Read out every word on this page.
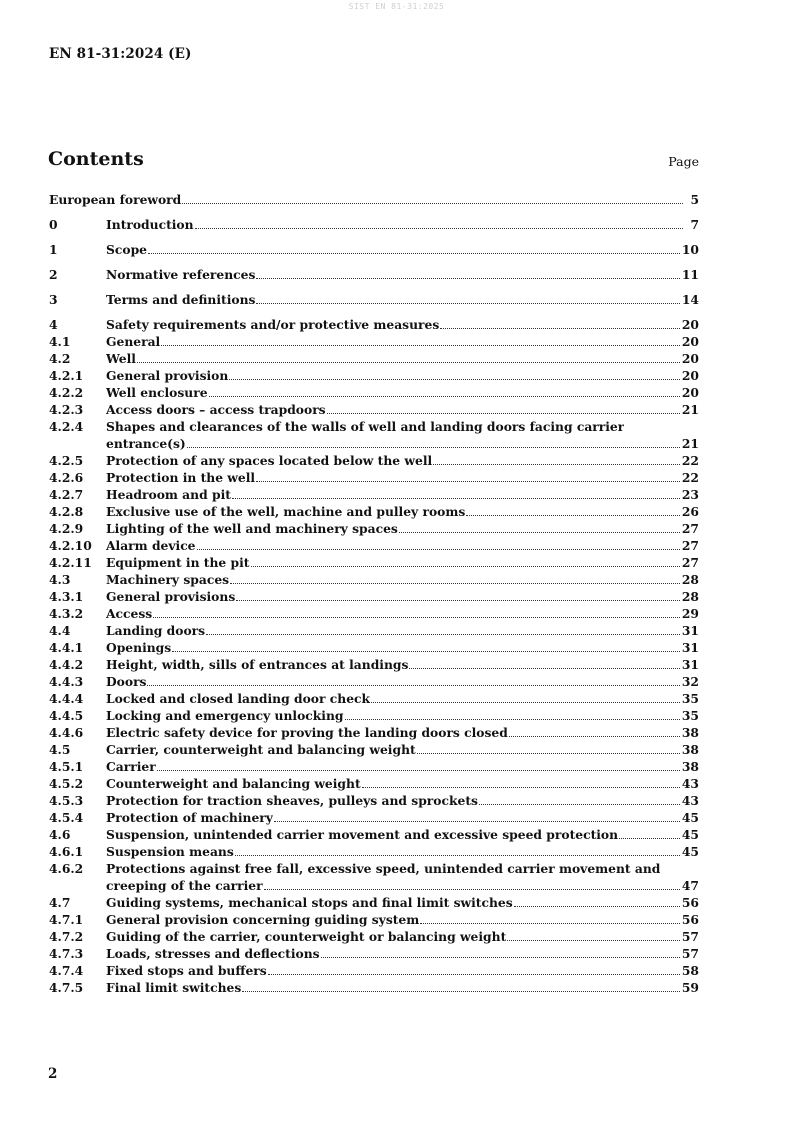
SIST EN 81-31:2025
EN 81-31:2024 (E)
Contents	Page
European foreword	5
0	Introduction	7
1	Scope	10
2	Normative references	11
3	Terms and definitions	14
4	Safety requirements and/or protective measures	20
4.1	General	20
4.2	Well	20
4.2.1	General provision	20
4.2.2	Well enclosure	20
4.2.3	Access doors – access trapdoors	21
4.2.4	Shapes and clearances of the walls of well and landing doors facing carrier
entrance(s)	21
4.2.5	Protection of any spaces located below the well	22
4.2.6	Protection in the well	22
4.2.7	Headroom and pit	23
4.2.8	Exclusive use of the well, machine and pulley rooms	26
4.2.9	Lighting of the well and machinery spaces	27
4.2.10	Alarm device	27
4.2.11	Equipment in the pit	27
4.3	Machinery spaces	28
4.3.1	General provisions	28
4.3.2	Access	29
4.4	Landing doors	31
4.4.1	Openings	31
4.4.2	Height, width, sills of entrances at landings	31
4.4.3	Doors	32
4.4.4	Locked and closed landing door check	35
4.4.5	Locking and emergency unlocking	35
4.4.6	Electric safety device for proving the landing doors closed	38
4.5	Carrier, counterweight and balancing weight	38
4.5.1	Carrier	38
4.5.2	Counterweight and balancing weight	43
4.5.3	Protection for traction sheaves, pulleys and sprockets	43
4.5.4	Protection of machinery	45
4.6	Suspension, unintended carrier movement and excessive speed protection	45
4.6.1	Suspension means	45
4.6.2	Protections against free fall, excessive speed, unintended carrier movement and
creeping of the carrier	47
4.7	Guiding systems, mechanical stops and final limit switches	56
4.7.1	General provision concerning guiding system	56
4.7.2	Guiding of the carrier, counterweight or balancing weight	57
4.7.3	Loads, stresses and deflections	57
4.7.4	Fixed stops and buffers	58
4.7.5	Final limit switches	59
2
